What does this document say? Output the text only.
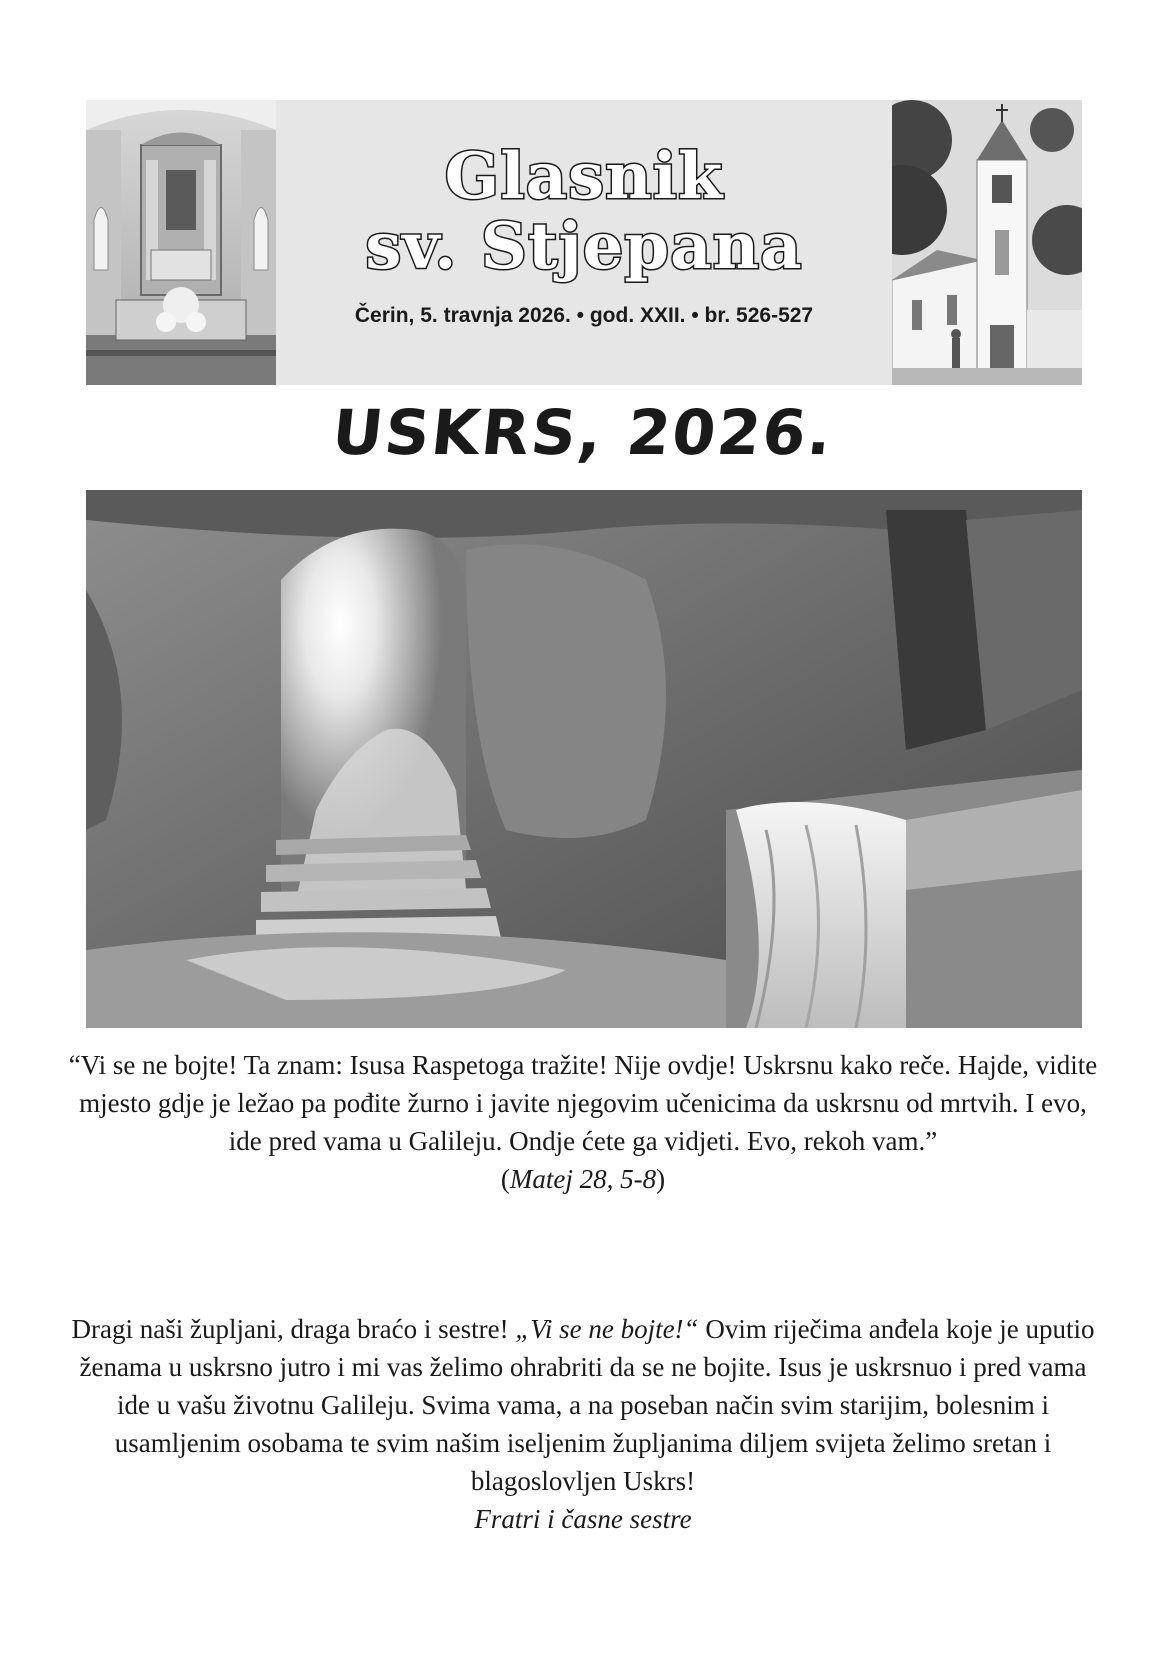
Glasnik
sv. Stjepana
Čerin, 5. travnja 2026. • god. XXII. • br. 526-527
USKRS, 2026.

“Vi se ne bojte! Ta znam: Isusa Raspetoga tražite! Nije ovdje! Uskrsnu kako reče. Hajde, vidite mjesto gdje je ležao pa pođite žurno i javite njegovim učenicima da uskrsnu od mrtvih. I evo, ide pred vama u Galileju. Ondje ćete ga vidjeti. Evo, rekoh vam.”

(Matej 28, 5-8)

Dragi naši župljani, draga braćo i sestre! „Vi se ne bojte!“ Ovim riječima anđela koje je uputio ženama u uskrsno jutro i mi vas želimo ohrabriti da se ne bojite. Isus je uskrsnuo i pred vama ide u vašu životnu Galileju. Svima vama, a na poseban način svim starijim, bolesnim i usamljenim osobama te svim našim iseljenim župljanima diljem svijeta želimo sretan i blagoslovljen Uskrs!

Fratri i časne sestre
